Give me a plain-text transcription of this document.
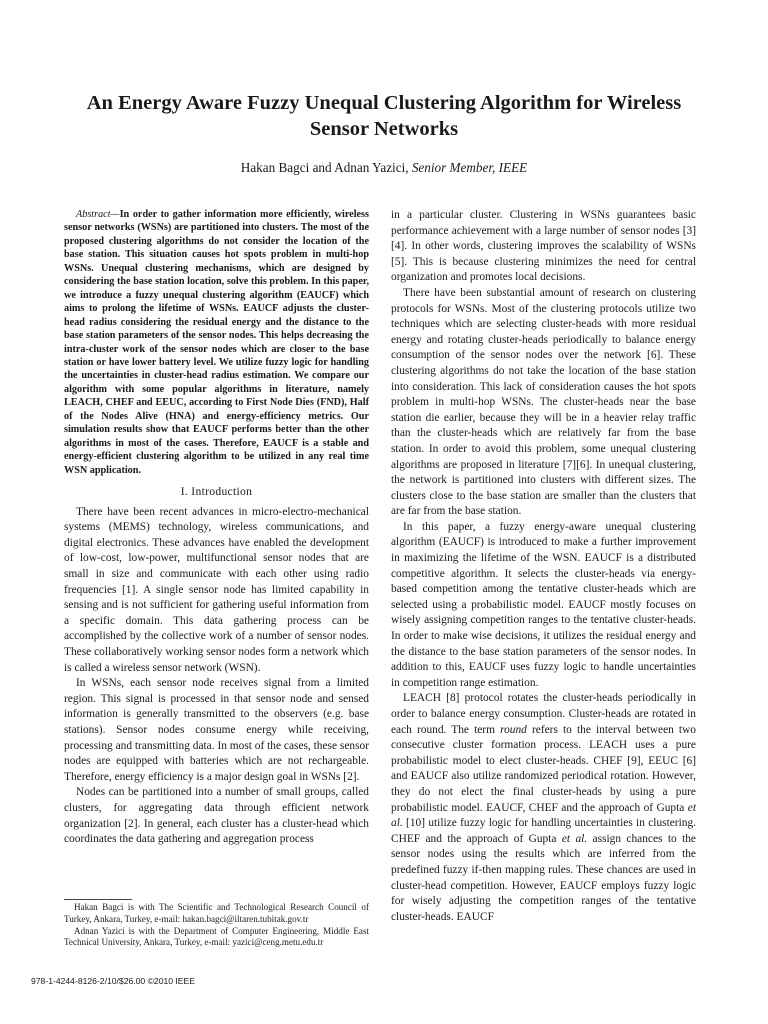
An Energy Aware Fuzzy Unequal Clustering Algorithm for Wireless Sensor Networks
Hakan Bagci and Adnan Yazici, Senior Member, IEEE

Abstract—In order to gather information more efficiently, wireless sensor networks (WSNs) are partitioned into clusters. The most of the proposed clustering algorithms do not consider the location of the base station. This situation causes hot spots problem in multi-hop WSNs. Unequal clustering mechanisms, which are designed by considering the base station location, solve this problem. In this paper, we introduce a fuzzy unequal clustering algorithm (EAUCF) which aims to prolong the lifetime of WSNs. EAUCF adjusts the cluster-head radius considering the residual energy and the distance to the base station parameters of the sensor nodes. This helps decreasing the intra-cluster work of the sensor nodes which are closer to the base station or have lower battery level. We utilize fuzzy logic for handling the uncertainties in cluster-head radius estimation. We compare our algorithm with some popular algorithms in literature, namely LEACH, CHEF and EEUC, according to First Node Dies (FND), Half of the Nodes Alive (HNA) and energy-efficiency metrics. Our simulation results show that EAUCF performs better than the other algorithms in most of the cases. Therefore, EAUCF is a stable and energy-efficient clustering algorithm to be utilized in any real time WSN application.

I. Introduction

There have been recent advances in micro-electro-mechanical systems (MEMS) technology, wireless communications, and digital electronics. These advances have enabled the development of low-cost, low-power, multifunctional sensor nodes that are small in size and communicate with each other using radio frequencies [1]. A single sensor node has limited capability in sensing and is not sufficient for gathering useful information from a specific domain. This data gathering process can be accomplished by the collective work of a number of sensor nodes. These collaboratively working sensor nodes form a network which is called a wireless sensor network (WSN).

In WSNs, each sensor node receives signal from a limited region. This signal is processed in that sensor node and sensed information is generally transmitted to the observers (e.g. base stations). Sensor nodes consume energy while receiving, processing and transmitting data. In most of the cases, these sensor nodes are equipped with batteries which are not rechargeable. Therefore, energy efficiency is a major design goal in WSNs [2].

Nodes can be partitioned into a number of small groups, called clusters, for aggregating data through efficient network organization [2]. In general, each cluster has a cluster-head which coordinates the data gathering and aggregation process

in a particular cluster. Clustering in WSNs guarantees basic performance achievement with a large number of sensor nodes [3] [4]. In other words, clustering improves the scalability of WSNs [5]. This is because clustering minimizes the need for central organization and promotes local decisions.

There have been substantial amount of research on clustering protocols for WSNs. Most of the clustering protocols utilize two techniques which are selecting cluster-heads with more residual energy and rotating cluster-heads periodically to balance energy consumption of the sensor nodes over the network [6]. These clustering algorithms do not take the location of the base station into consideration. This lack of consideration causes the hot spots problem in multi-hop WSNs. The cluster-heads near the base station die earlier, because they will be in a heavier relay traffic than the cluster-heads which are relatively far from the base station. In order to avoid this problem, some unequal clustering algorithms are proposed in literature [7][6]. In unequal clustering, the network is partitioned into clusters with different sizes. The clusters close to the base station are smaller than the clusters that are far from the base station.

In this paper, a fuzzy energy-aware unequal clustering algorithm (EAUCF) is introduced to make a further improvement in maximizing the lifetime of the WSN. EAUCF is a distributed competitive algorithm. It selects the cluster-heads via energy-based competition among the tentative cluster-heads which are selected using a probabilistic model. EAUCF mostly focuses on wisely assigning competition ranges to the tentative cluster-heads. In order to make wise decisions, it utilizes the residual energy and the distance to the base station parameters of the sensor nodes. In addition to this, EAUCF uses fuzzy logic to handle uncertainties in competition range estimation.

LEACH [8] protocol rotates the cluster-heads periodically in order to balance energy consumption. Cluster-heads are rotated in each round. The term round refers to the interval between two consecutive cluster formation process. LEACH uses a pure probabilistic model to elect cluster-heads. CHEF [9], EEUC [6] and EAUCF also utilize randomized periodical rotation. However, they do not elect the final cluster-heads by using a pure probabilistic model. EAUCF, CHEF and the approach of Gupta et al. [10] utilize fuzzy logic for handling uncertainties in clustering. CHEF and the approach of Gupta et al. assign chances to the sensor nodes using the results which are inferred from the predefined fuzzy if-then mapping rules. These chances are used in cluster-head competition. However, EAUCF employs fuzzy logic for wisely adjusting the competition ranges of the tentative cluster-heads. EAUCF

Hakan Bagci is with The Scientific and Technological Research Council of Turkey, Ankara, Turkey, e-mail: hakan.bagci@iltaren.tubitak.gov.tr

Adnan Yazici is with the Department of Computer Engineering, Middle East Technical University, Ankara, Turkey, e-mail: yazici@ceng.metu.edu.tr

978-1-4244-8126-2/10/$26.00 ©2010 IEEE
